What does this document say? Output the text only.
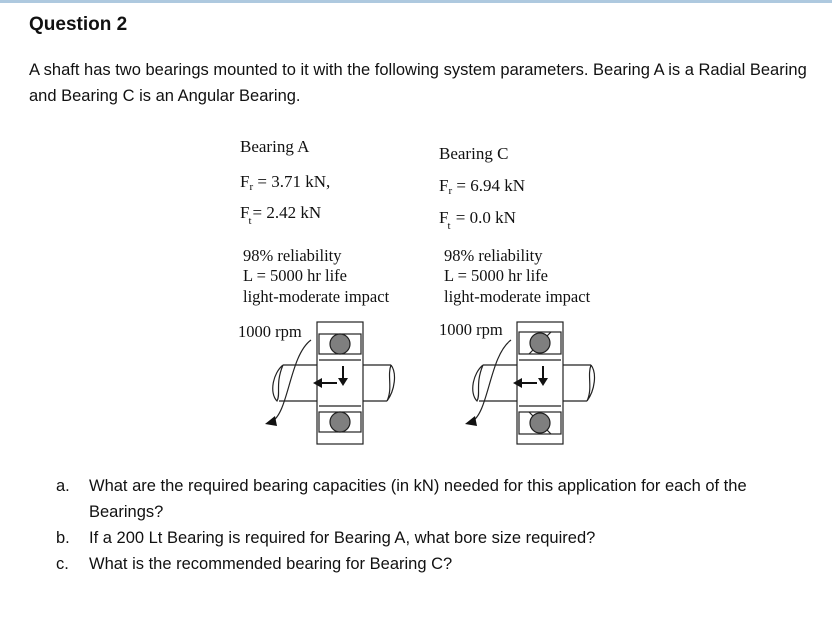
Question 2
A shaft has two bearings mounted to it with the following system parameters. Bearing A is a Radial Bearing and Bearing C is an Angular Bearing.
Bearing A
Fr = 3.71 kN,
$F_t= 2.42$ kN
98% reliability
L = 5000 hr life
light-moderate impact
1000 rpm
Bearing C
Fr = 6.94 kN
$F_t = 0.0$ kN
98% reliability
L = 5000 hr life
light-moderate impact
1000 rpm
a. What are the required bearing capacities (in kN) needed for this application for each of the Bearings?
b. If a 200 Lt Bearing is required for Bearing A, what bore size required?
c. What is the recommended bearing for Bearing C?
